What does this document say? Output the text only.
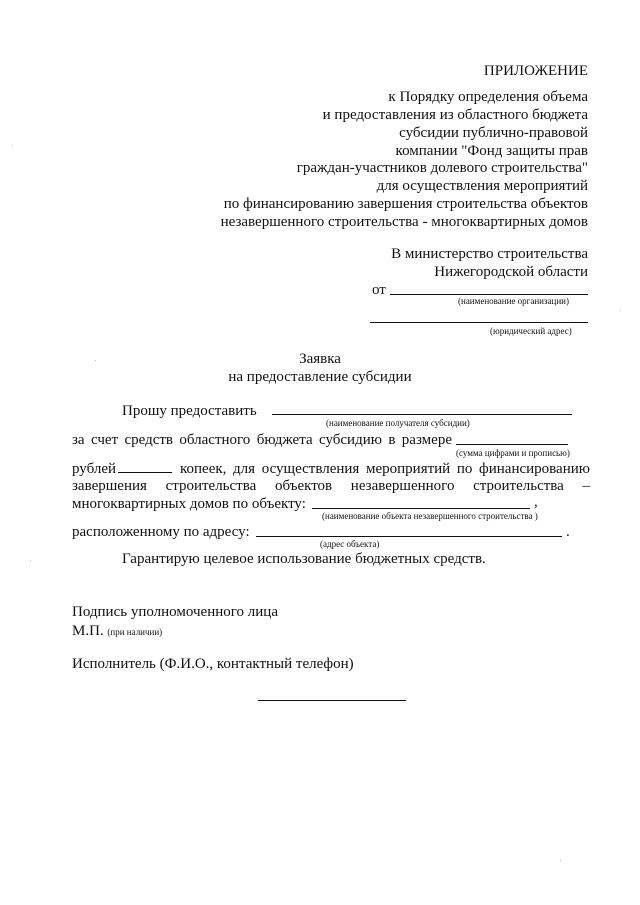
ПРИЛОЖЕНИЕ
к Порядку определения объема
и предоставления из областного бюджета
субсидии публично-правовой
компании "Фонд защиты прав
граждан-участников долевого строительства"
для осуществления мероприятий
по финансированию завершения строительства объектов
незавершенного строительства - многоквартирных домов
В министерство строительства
Нижегородской области
от
(наименование организации)
(юридический адрес)
Заявка
на предоставление субсидии
Прошу предоставить
(наименование получателя субсидии)
за счет средств областного бюджета субсидию в размере
(сумма цифрами и прописью)
рублей	копеек, для осуществления мероприятий по финансированию
завершения строительства объектов незавершенного строительства –
многоквартирных домов по объекту:	,
(наименование объекта незавершенного строительства )
расположенному по адресу:	.
(адрес объекта)
Гарантирую целевое использование бюджетных средств.
Подпись уполномоченного лица
М.П. (при наличии)
Исполнитель (Ф.И.О., контактный телефон)
